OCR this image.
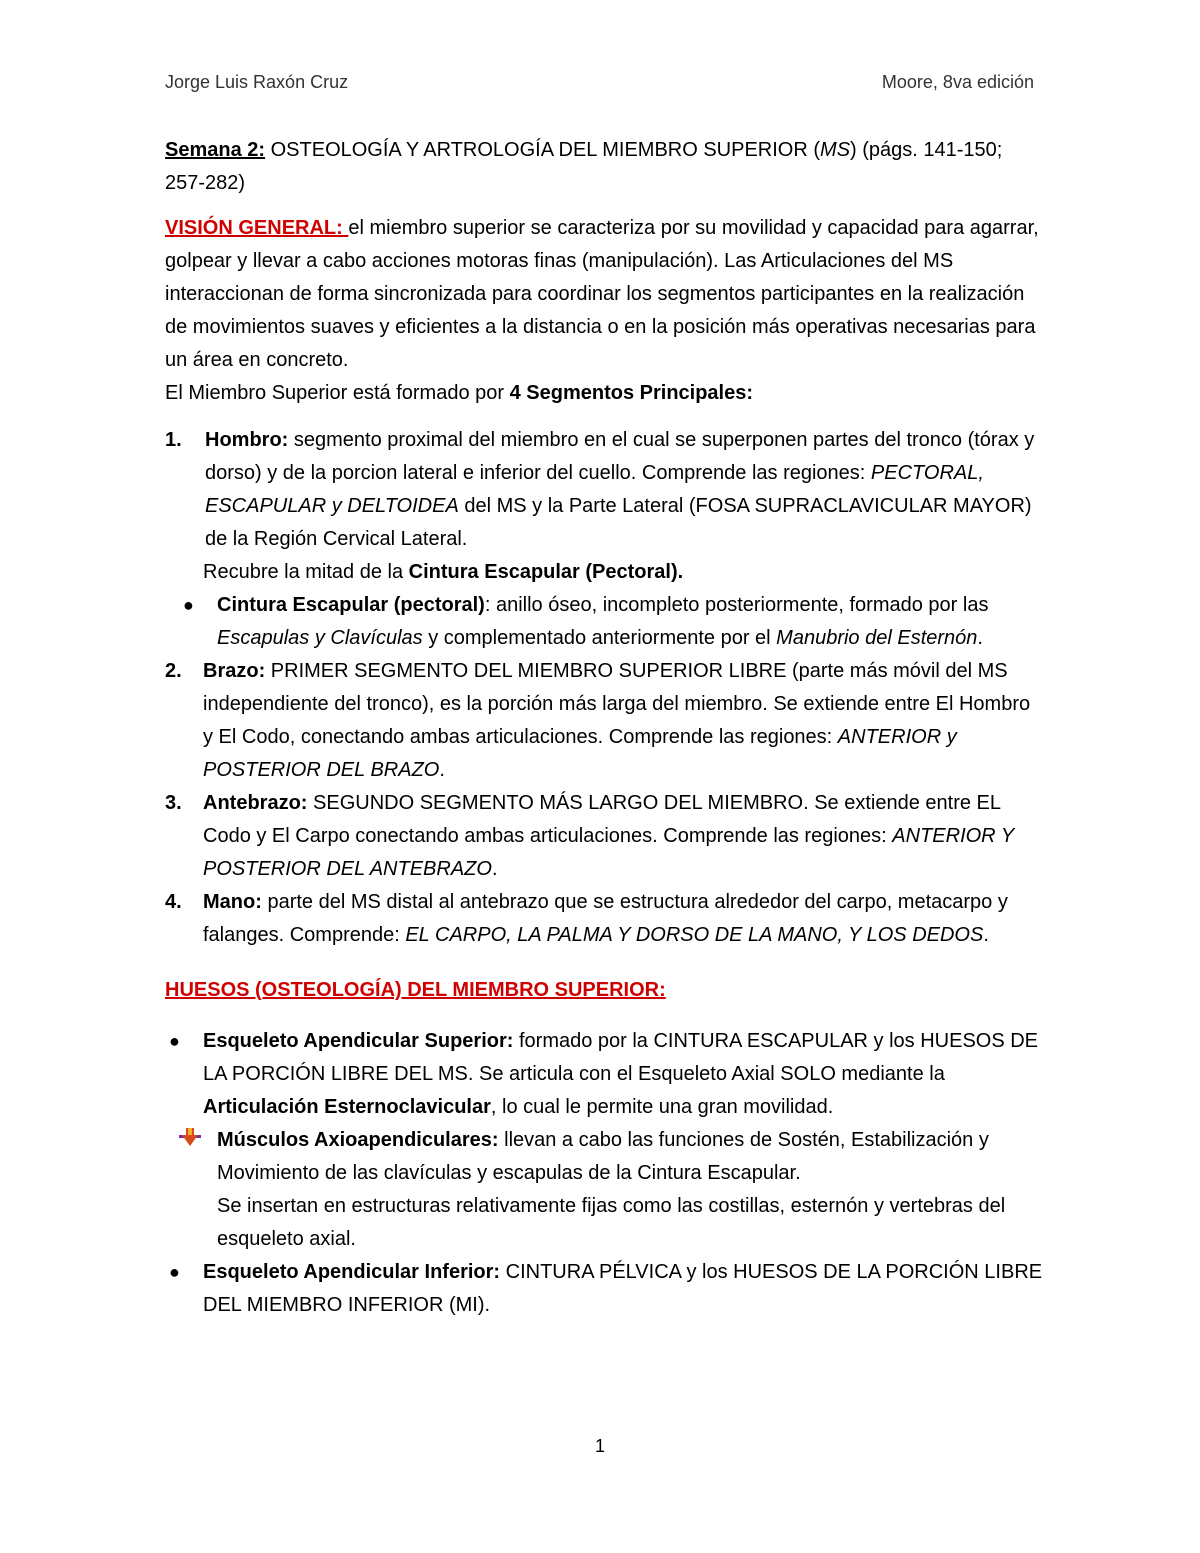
Jorge Luis Raxón Cruz	Moore, 8va edición

Semana 2: OSTEOLOGÍA Y ARTROLOGÍA DEL MIEMBRO SUPERIOR (MS) (págs. 141-150; 257-282)

VISIÓN GENERAL: el miembro superior se caracteriza por su movilidad y capacidad para agarrar, golpear y llevar a cabo acciones motoras finas (manipulación). Las Articulaciones del MS interaccionan de forma sincronizada para coordinar los segmentos participantes en la realización de movimientos suaves y eficientes a la distancia o en la posición más operativas necesarias para un área en concreto.

El Miembro Superior está formado por 4 Segmentos Principales:

1. Hombro: segmento proximal del miembro en el cual se superponen partes del tronco (tórax y dorso) y de la porcion lateral e inferior del cuello. Comprende las regiones: PECTORAL, ESCAPULAR y DELTOIDEA del MS y la Parte Lateral (FOSA SUPRACLAVICULAR MAYOR) de la Región Cervical Lateral.

Recubre la mitad de la Cintura Escapular (Pectoral).

● Cintura Escapular (pectoral): anillo óseo, incompleto posteriormente, formado por las Escapulas y Clavículas y complementado anteriormente por el Manubrio del Esternón.

2. Brazo: PRIMER SEGMENTO DEL MIEMBRO SUPERIOR LIBRE (parte más móvil del MS independiente del tronco), es la porción más larga del miembro. Se extiende entre El Hombro y El Codo, conectando ambas articulaciones. Comprende las regiones: ANTERIOR y POSTERIOR DEL BRAZO.

3. Antebrazo: SEGUNDO SEGMENTO MÁS LARGO DEL MIEMBRO. Se extiende entre EL Codo y El Carpo conectando ambas articulaciones. Comprende las regiones: ANTERIOR Y POSTERIOR DEL ANTEBRAZO.

4. Mano: parte del MS distal al antebrazo que se estructura alrededor del carpo, metacarpo y falanges. Comprende: EL CARPO, LA PALMA Y DORSO DE LA MANO, Y LOS DEDOS.

HUESOS (OSTEOLOGÍA) DEL MIEMBRO SUPERIOR:

● Esqueleto Apendicular Superior: formado por la CINTURA ESCAPULAR y los HUESOS DE LA PORCIÓN LIBRE DEL MS. Se articula con el Esqueleto Axial SOLO mediante la Articulación Esternoclavicular, lo cual le permite una gran movilidad.

Músculos Axioapendiculares: llevan a cabo las funciones de Sostén, Estabilización y Movimiento de las clavículas y escapulas de la Cintura Escapular.

Se insertan en estructuras relativamente fijas como las costillas, esternón y vertebras del esqueleto axial.

● Esqueleto Apendicular Inferior: CINTURA PÉLVICA y los HUESOS DE LA PORCIÓN LIBRE DEL MIEMBRO INFERIOR (MI).

1
